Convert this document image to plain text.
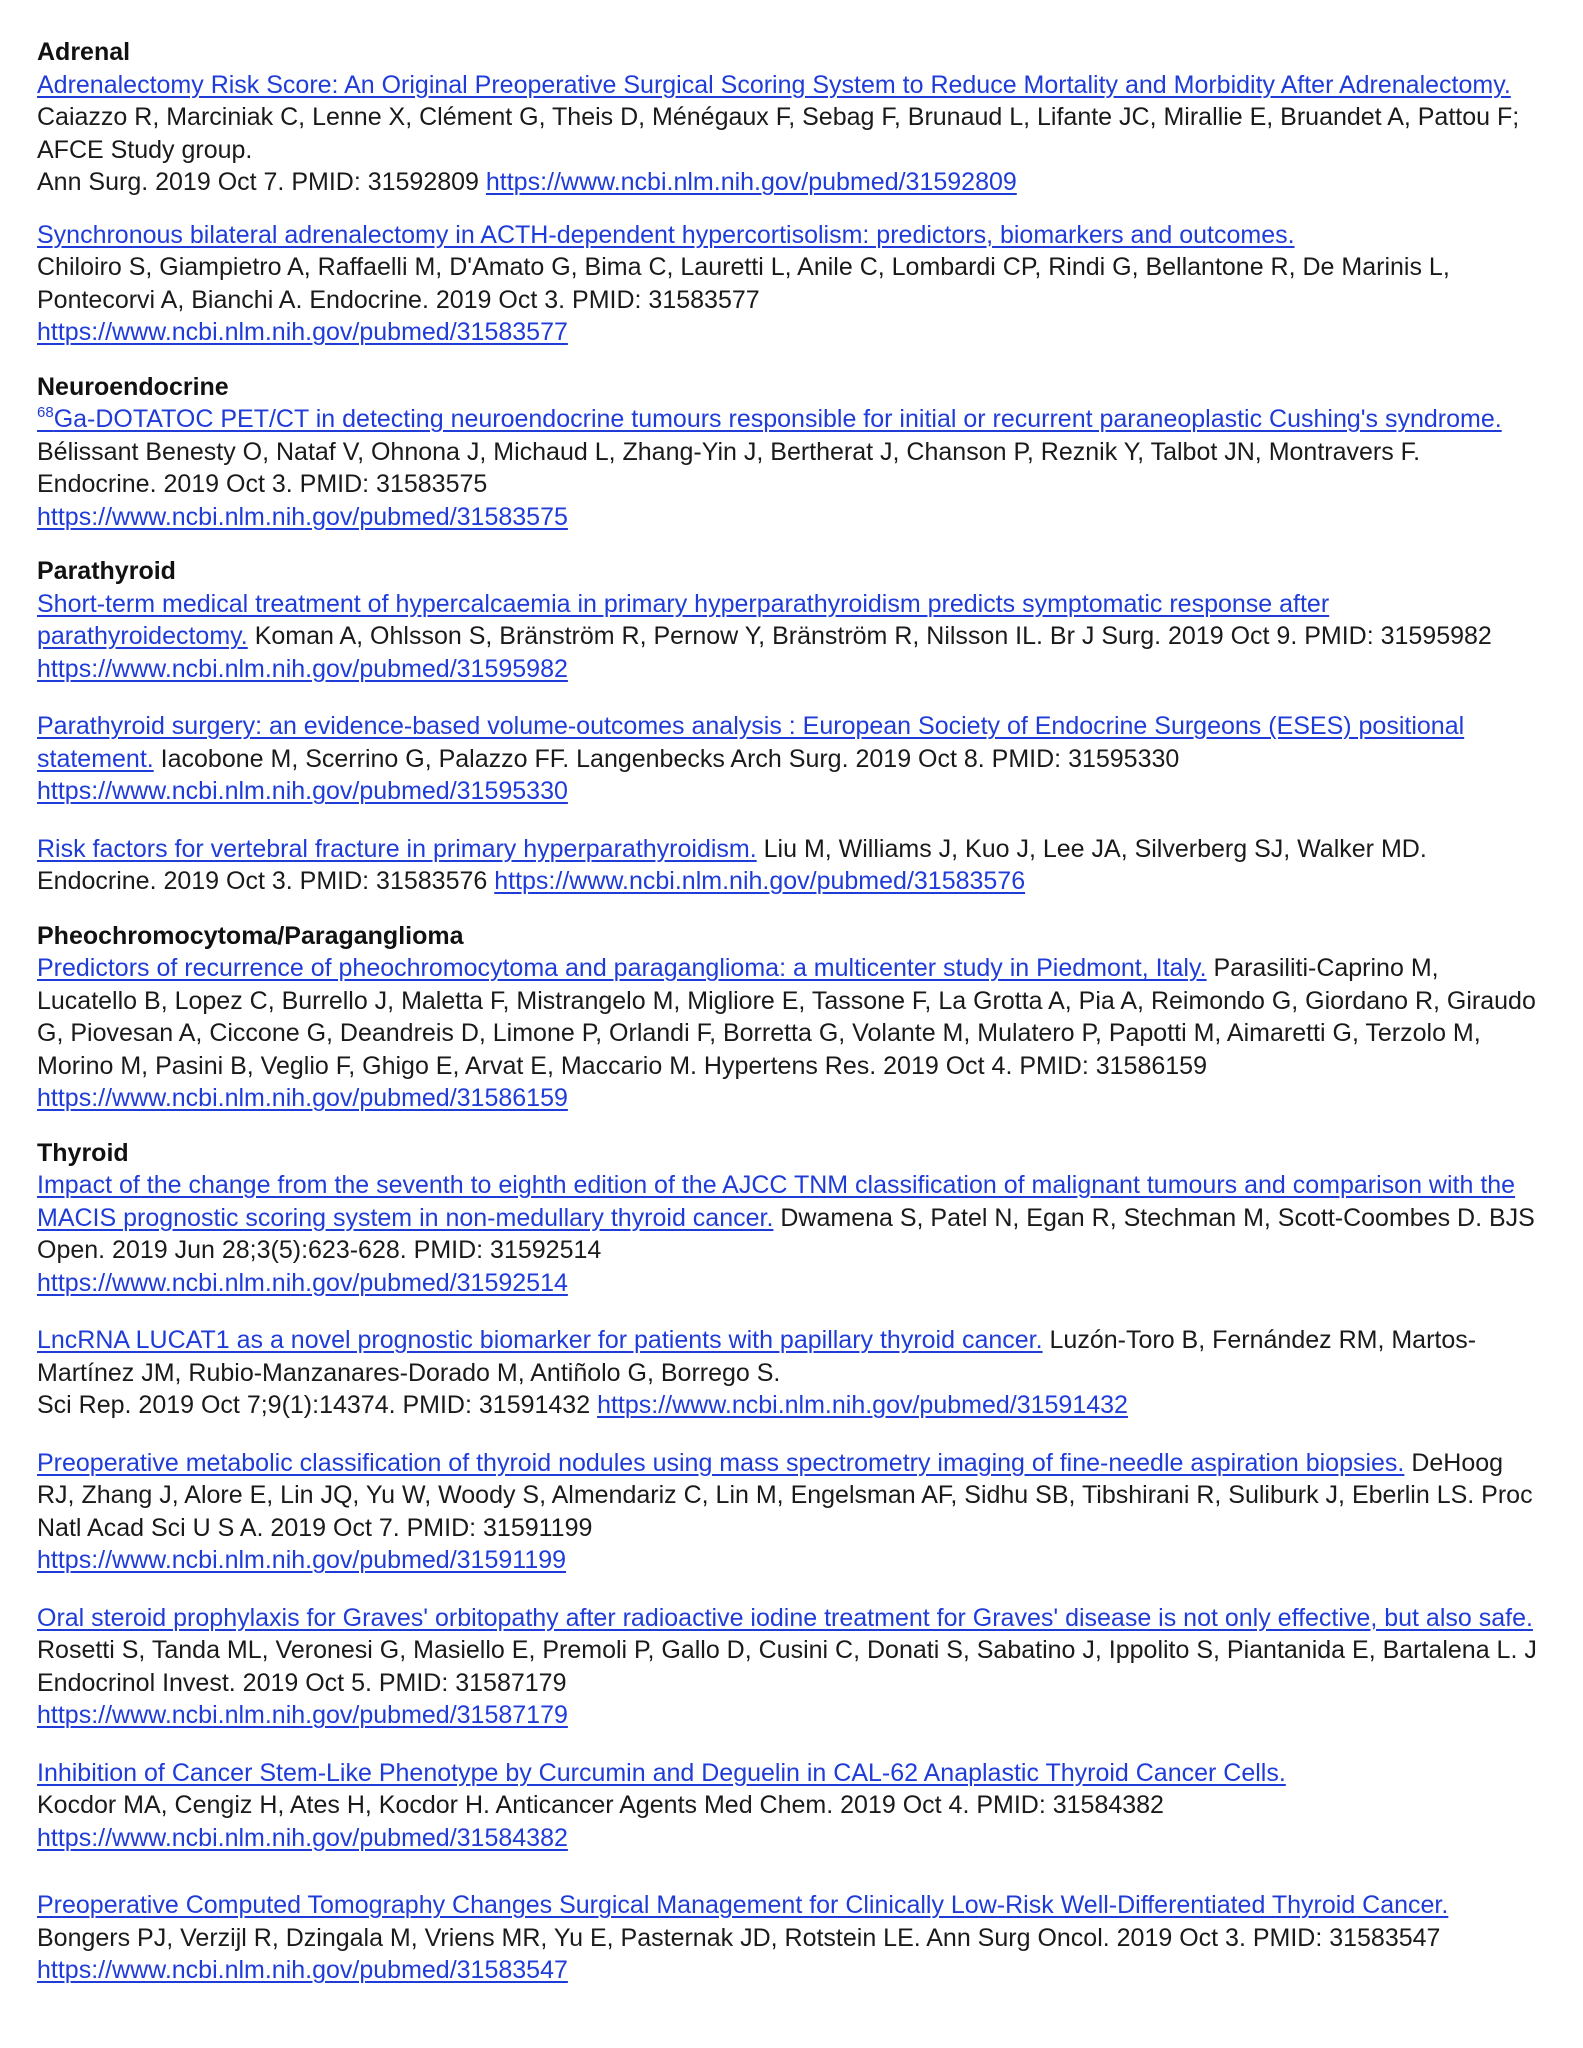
Adrenal

Adrenalectomy Risk Score: An Original Preoperative Surgical Scoring System to Reduce Mortality and Morbidity After Adrenalectomy. Caiazzo R, Marciniak C, Lenne X, Clément G, Theis D, Ménégaux F, Sebag F, Brunaud L, Lifante JC, Mirallie E, Bruandet A, Pattou F; AFCE Study group.
Ann Surg. 2019 Oct 7. PMID: 31592809 https://www.ncbi.nlm.nih.gov/pubmed/31592809

Synchronous bilateral adrenalectomy in ACTH-dependent hypercortisolism: predictors, biomarkers and outcomes.
Chiloiro S, Giampietro A, Raffaelli M, D'Amato G, Bima C, Lauretti L, Anile C, Lombardi CP, Rindi G, Bellantone R, De Marinis L, Pontecorvi A, Bianchi A. Endocrine. 2019 Oct 3. PMID: 31583577
https://www.ncbi.nlm.nih.gov/pubmed/31583577

Neuroendocrine

$^{68}$Ga-DOTATOC PET/CT in detecting neuroendocrine tumours responsible for initial or recurrent paraneoplastic Cushing's syndrome. Bélissant Benesty O, Nataf V, Ohnona J, Michaud L, Zhang-Yin J, Bertherat J, Chanson P, Reznik Y, Talbot JN, Montravers F. Endocrine. 2019 Oct 3. PMID: 31583575
https://www.ncbi.nlm.nih.gov/pubmed/31583575

Parathyroid

Short-term medical treatment of hypercalcaemia in primary hyperparathyroidism predicts symptomatic response after parathyroidectomy. Koman A, Ohlsson S, Bränström R, Pernow Y, Bränström R, Nilsson IL. Br J Surg. 2019 Oct 9. PMID: 31595982 https://www.ncbi.nlm.nih.gov/pubmed/31595982

Parathyroid surgery: an evidence-based volume-outcomes analysis : European Society of Endocrine Surgeons (ESES) positional statement. Iacobone M, Scerrino G, Palazzo FF. Langenbecks Arch Surg. 2019 Oct 8. PMID: 31595330
https://www.ncbi.nlm.nih.gov/pubmed/31595330

Risk factors for vertebral fracture in primary hyperparathyroidism. Liu M, Williams J, Kuo J, Lee JA, Silverberg SJ, Walker MD. Endocrine. 2019 Oct 3. PMID: 31583576 https://www.ncbi.nlm.nih.gov/pubmed/31583576

Pheochromocytoma/Paraganglioma

Predictors of recurrence of pheochromocytoma and paraganglioma: a multicenter study in Piedmont, Italy. Parasiliti-Caprino M, Lucatello B, Lopez C, Burrello J, Maletta F, Mistrangelo M, Migliore E, Tassone F, La Grotta A, Pia A, Reimondo G, Giordano R, Giraudo G, Piovesan A, Ciccone G, Deandreis D, Limone P, Orlandi F, Borretta G, Volante M, Mulatero P, Papotti M, Aimaretti G, Terzolo M, Morino M, Pasini B, Veglio F, Ghigo E, Arvat E, Maccario M. Hypertens Res. 2019 Oct 4. PMID: 31586159 https://www.ncbi.nlm.nih.gov/pubmed/31586159

Thyroid

Impact of the change from the seventh to eighth edition of the AJCC TNM classification of malignant tumours and comparison with the MACIS prognostic scoring system in non-medullary thyroid cancer. Dwamena S, Patel N, Egan R, Stechman M, Scott-Coombes D. BJS Open. 2019 Jun 28;3(5):623-628. PMID: 31592514
https://www.ncbi.nlm.nih.gov/pubmed/31592514

LncRNA LUCAT1 as a novel prognostic biomarker for patients with papillary thyroid cancer. Luzón-Toro B, Fernández RM, Martos-Martínez JM, Rubio-Manzanares-Dorado M, Antiñolo G, Borrego S.
Sci Rep. 2019 Oct 7;9(1):14374. PMID: 31591432 https://www.ncbi.nlm.nih.gov/pubmed/31591432

Preoperative metabolic classification of thyroid nodules using mass spectrometry imaging of fine-needle aspiration biopsies. DeHoog RJ, Zhang J, Alore E, Lin JQ, Yu W, Woody S, Almendariz C, Lin M, Engelsman AF, Sidhu SB, Tibshirani R, Suliburk J, Eberlin LS. Proc Natl Acad Sci U S A. 2019 Oct 7. PMID: 31591199
https://www.ncbi.nlm.nih.gov/pubmed/31591199

Oral steroid prophylaxis for Graves' orbitopathy after radioactive iodine treatment for Graves' disease is not only effective, but also safe. Rosetti S, Tanda ML, Veronesi G, Masiello E, Premoli P, Gallo D, Cusini C, Donati S, Sabatino J, Ippolito S, Piantanida E, Bartalena L. J Endocrinol Invest. 2019 Oct 5. PMID: 31587179
https://www.ncbi.nlm.nih.gov/pubmed/31587179

Inhibition of Cancer Stem-Like Phenotype by Curcumin and Deguelin in CAL-62 Anaplastic Thyroid Cancer Cells.
Kocdor MA, Cengiz H, Ates H, Kocdor H. Anticancer Agents Med Chem. 2019 Oct 4. PMID: 31584382
https://www.ncbi.nlm.nih.gov/pubmed/31584382

Preoperative Computed Tomography Changes Surgical Management for Clinically Low-Risk Well-Differentiated Thyroid Cancer. Bongers PJ, Verzijl R, Dzingala M, Vriens MR, Yu E, Pasternak JD, Rotstein LE. Ann Surg Oncol. 2019 Oct 3. PMID: 31583547 https://www.ncbi.nlm.nih.gov/pubmed/31583547
